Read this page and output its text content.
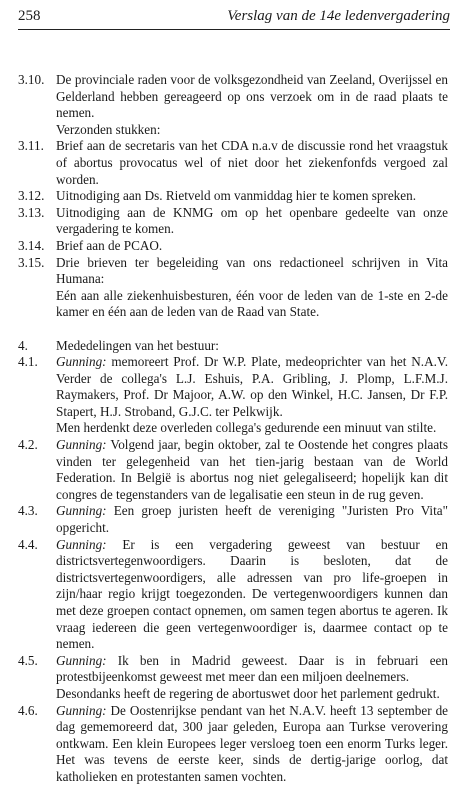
258	Verslag van de 14e ledenvergadering
3.10. De provinciale raden voor de volksgezondheid van Zeeland, Overijssel en Gelderland hebben gereageerd op ons verzoek om in de raad plaats te nemen.

Verzonden stukken:

3.11. Brief aan de secretaris van het CDA n.a.v de discussie rond het vraagstuk of abortus provocatus wel of niet door het ziekenfonfds vergoed zal worden.

3.12. Uitnodiging aan Ds. Rietveld om vanmiddag hier te komen spreken.

3.13. Uitnodiging aan de KNMG om op het openbare gedeelte van onze vergadering te komen.

3.14. Brief aan de PCAO.

3.15. Drie brieven ter begeleiding van ons redactioneel schrijven in Vita Humana:

Eén aan alle ziekenhuisbesturen, één voor de leden van de 1-ste en 2-de kamer en één aan de leden van de Raad van State.

4. Mededelingen van het bestuur:

4.1. Gunning: memoreert Prof. Dr W.P. Plate, medeoprichter van het N.A.V. Verder de collega's L.J. Eshuis, P.A. Gribling, J. Plomp, L.F.M.J. Raymakers, Prof. Dr Majoor, A.W. op den Winkel, H.C. Jansen, Dr F.P. Stapert, H.J. Stroband, G.J.C. ter Pelkwijk.

Men herdenkt deze overleden collega's gedurende een minuut van stilte.

4.2. Gunning: Volgend jaar, begin oktober, zal te Oostende het congres plaats vinden ter gelegenheid van het tien-jarig bestaan van de World Federation. In België is abortus nog niet gelegaliseerd; hopelijk kan dit congres de tegenstanders van de legalisatie een steun in de rug geven.

4.3. Gunning: Een groep juristen heeft de vereniging "Juristen Pro Vita" opgericht.

4.4. Gunning: Er is een vergadering geweest van bestuur en districtsvertegenwoordigers. Daarin is besloten, dat de districtsvertegenwoordigers, alle adressen van pro life-groepen in zijn/haar regio krijgt toegezonden. De vertegenwoordigers kunnen dan met deze groepen contact opnemen, om samen tegen abortus te ageren. Ik vraag iedereen die geen vertegenwoordiger is, daarmee contact op te nemen.

4.5. Gunning: Ik ben in Madrid geweest. Daar is in februari een protestbijeenkomst geweest met meer dan een miljoen deelnemers.

Desondanks heeft de regering de abortuswet door het parlement gedrukt.

4.6. Gunning: De Oostenrijkse pendant van het N.A.V. heeft 13 september de dag gememoreerd dat, 300 jaar geleden, Europa aan Turkse verovering ontkwam. Een klein Europees leger versloeg toen een enorm Turks leger. Het was tevens de eerste keer, sinds de dertig-jarige oorlog, dat katholieken en protestanten samen vochten.
